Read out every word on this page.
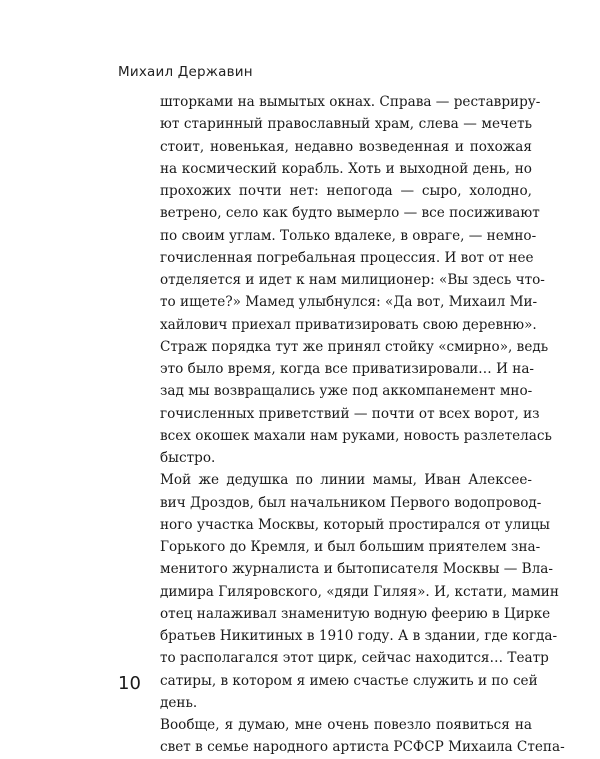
Михаил Державин
шторками на вымытых окнах. Справа — реставриру-
ют старинный православный храм, слева — мечеть
стоит, новенькая, недавно возведенная и похожая
на космический корабль. Хоть и выходной день, но
прохожих почти нет: непогода — сыро, холодно,
ветрено, село как будто вымерло — все посиживают
по своим углам. Только вдалеке, в овраге, — немно-
гочисленная погребальная процессия. И вот от нее
отделяется и идет к нам милиционер: «Вы здесь что-
то ищете?» Мамед улыбнулся: «Да вот, Михаил Ми-
хайлович приехал приватизировать свою деревню».
Страж порядка тут же принял стойку «смирно», ведь
это было время, когда все приватизировали… И на-
зад мы возвращались уже под аккомпанемент мно-
гочисленных приветствий — почти от всех ворот, из
всех окошек махали нам руками, новость разлетелась
быстро.
Мой же дедушка по линии мамы, Иван Алексее-
вич Дроздов, был начальником Первого водопровод-
ного участка Москвы, который простирался от улицы
Горького до Кремля, и был большим приятелем зна-
менитого журналиста и бытописателя Москвы — Вла-
димира Гиляровского, «дяди Гиляя». И, кстати, мамин
отец налаживал знаменитую водную феерию в Цирке
братьев Никитиных в 1910 году. А в здании, где когда-
то располагался этот цирк, сейчас находится… Театр
сатиры, в котором я имею счастье служить и по сей
день.
Вообще, я думаю, мне очень повезло появиться на
свет в семье народного артиста РСФСР Михаила Степа-
10
